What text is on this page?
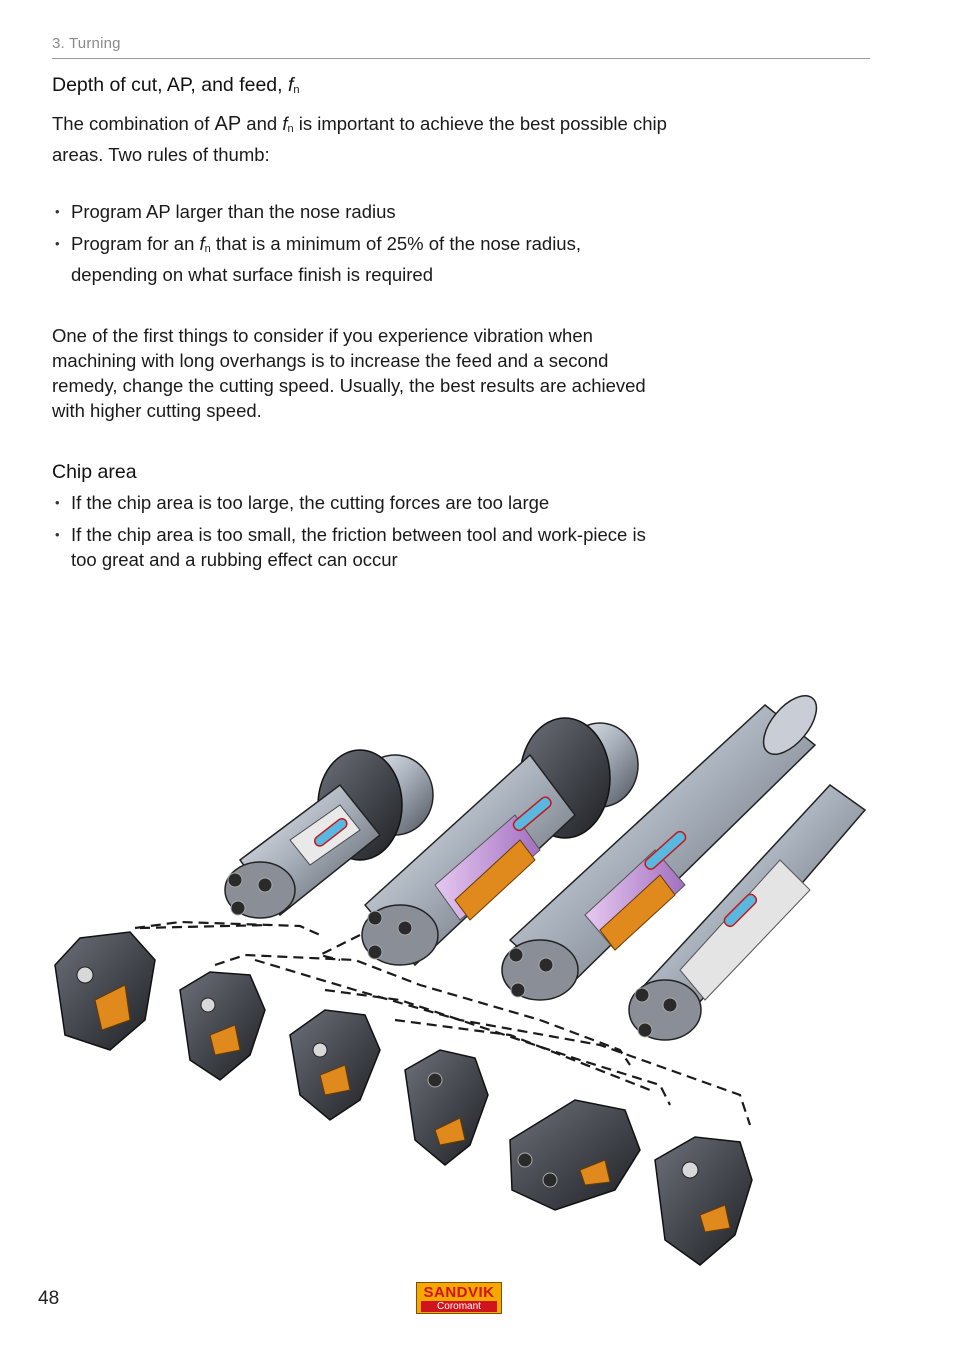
3. Turning
Depth of cut, AP, and feed, $f_n$

The combination of AP and $f_n$ is important to achieve the best possible chip areas. Two rules of thumb:

• Program AP larger than the nose radius
• Program for an $f_n$ that is a minimum of 25% of the nose radius, depending on what surface finish is required

One of the first things to consider if you experience vibration when machining with long overhangs is to increase the feed and a second remedy, change the cutting speed. Usually, the best results are achieved with higher cutting speed.

Chip area
• If the chip area is too large, the cutting forces are too large
• If the chip area is too small, the friction between tool and work-piece is too great and a rubbing effect can occur
48	SANDVIK
Coromant
